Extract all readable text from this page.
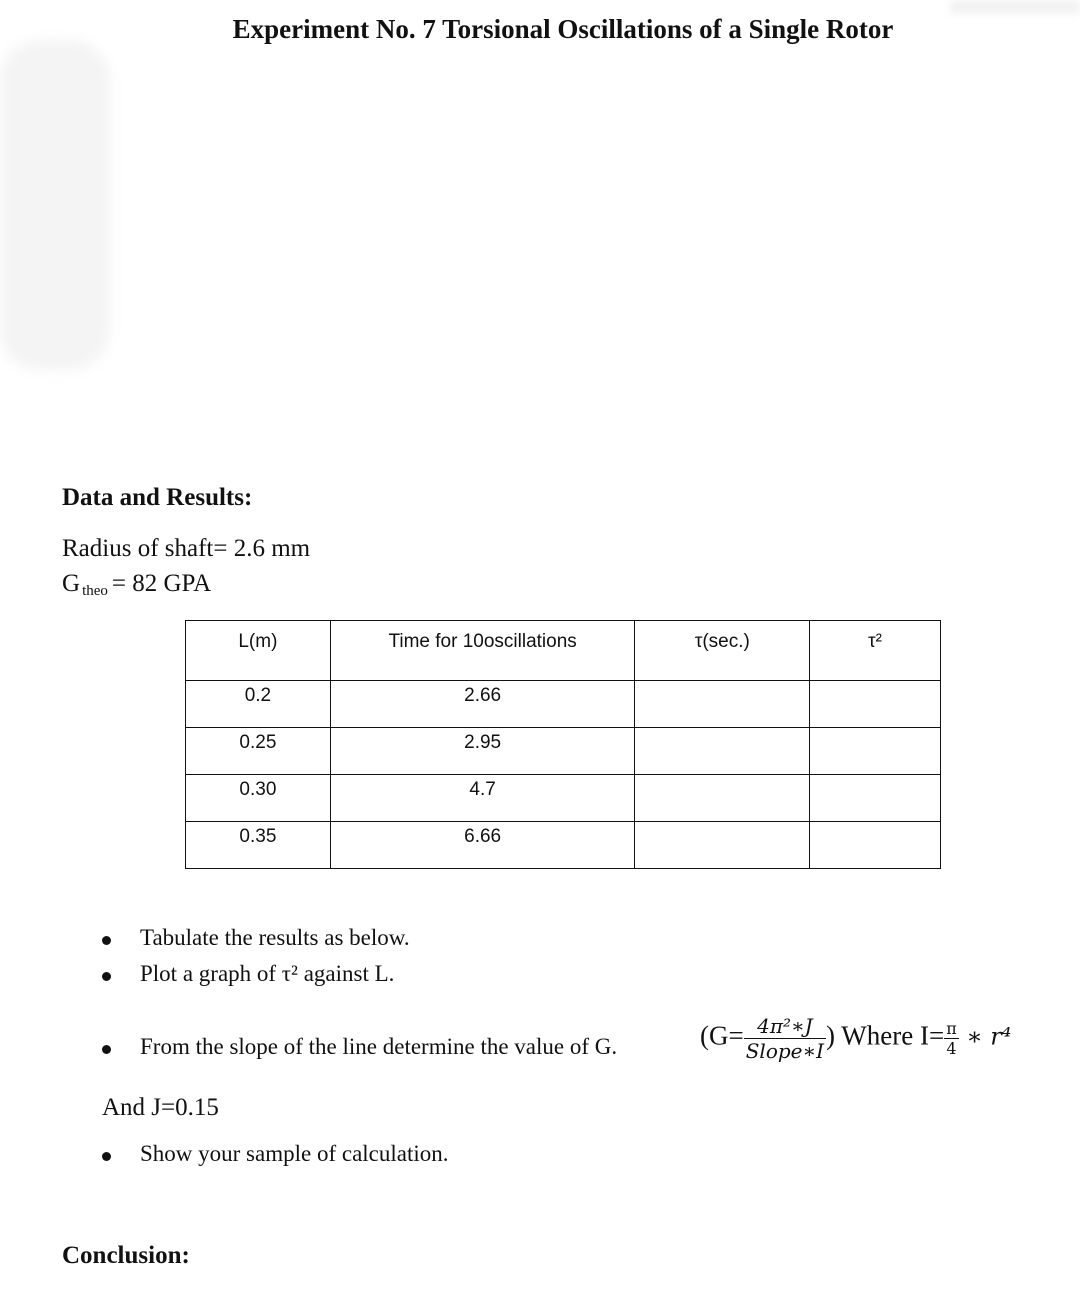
Experiment No. 7 Torsional Oscillations of a Single Rotor
Data and Results:
Radius of shaft= 2.6 mm
G $_{theo}$ = 82 GPA
L(m)	Time for 10oscillations	τ(sec.)	τ²
0.2	2.66		
0.25	2.95		
0.30	4.7		
0.35	6.66		
Tabulate the results as below.
Plot a graph of τ² against L.
From the slope of the line determine the value of G.	($G= \frac{\text{4π²∗J}}{\text{Slope∗I}}$ ) Where $I= \frac{\pi}{4}$ ∗ r⁴
And J=0.15
Show your sample of calculation.
Conclusion:
